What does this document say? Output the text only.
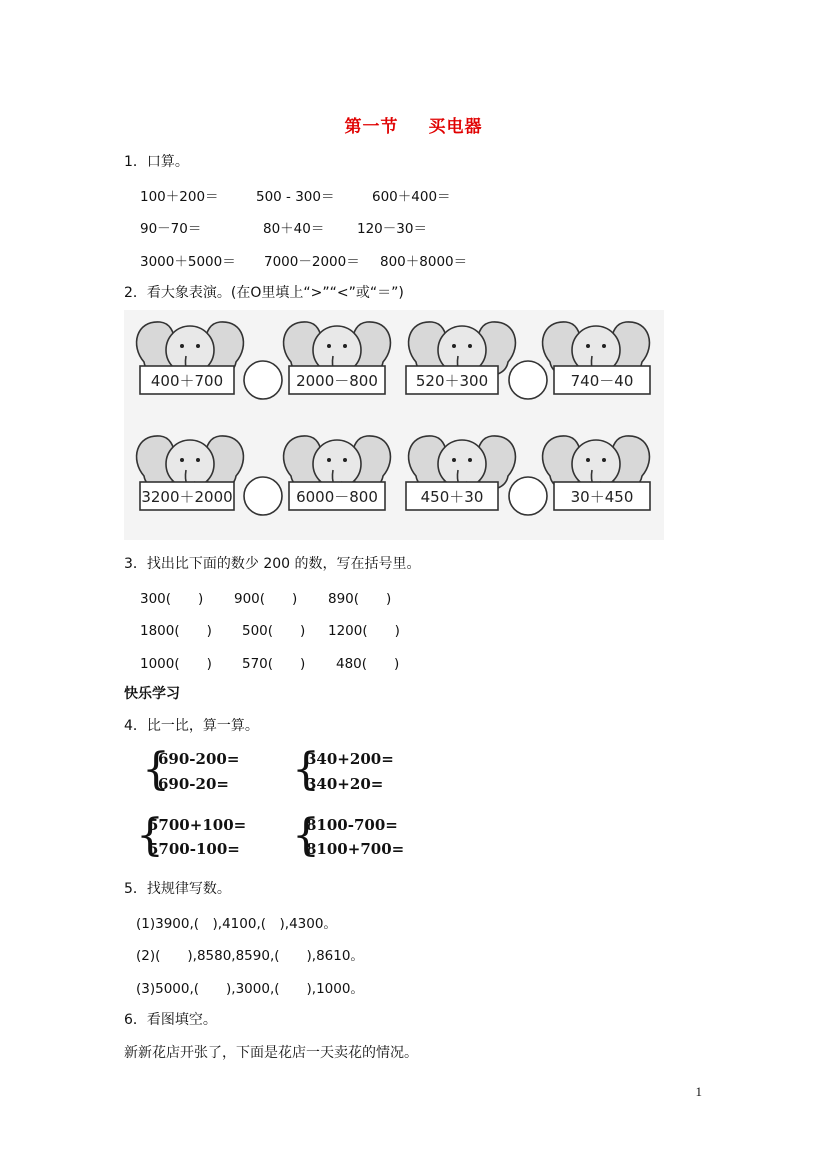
第一节 买电器
1．口算。
100＋200＝	500 - 300＝	600＋400＝
90－70＝	80＋40＝ 120－30＝
3000＋5000＝ 7000－2000＝ 800＋8000＝
2．看大象表演。(在O里填上“>”“<”或“＝”)
400＋700	2000－800	520＋300	740－40
3200＋2000	6000－800	450＋30	30＋450
1
3．找出比下面的数少 200 的数，写在括号里。
300(　　) 900(　　) 890(　　)
1800(　　) 500(　　) 1200(　　)
1000(　　) 570(　　) 480(　　)
快乐学习
4．比一比，算一算。
{
690-200=
690-20= {
340+200=
340+20=
{
5700+100=
5700-100= {
8100-700=
8100+700=
5．找规律写数。
(1)3900,(　),4100,(　),4300。
(2)(　　),8580,8590,(　　),8610。
(3)5000,(　　),3000,(　　),1000。
6．看图填空。
新新花店开张了，下面是花店一天卖花的情况。
